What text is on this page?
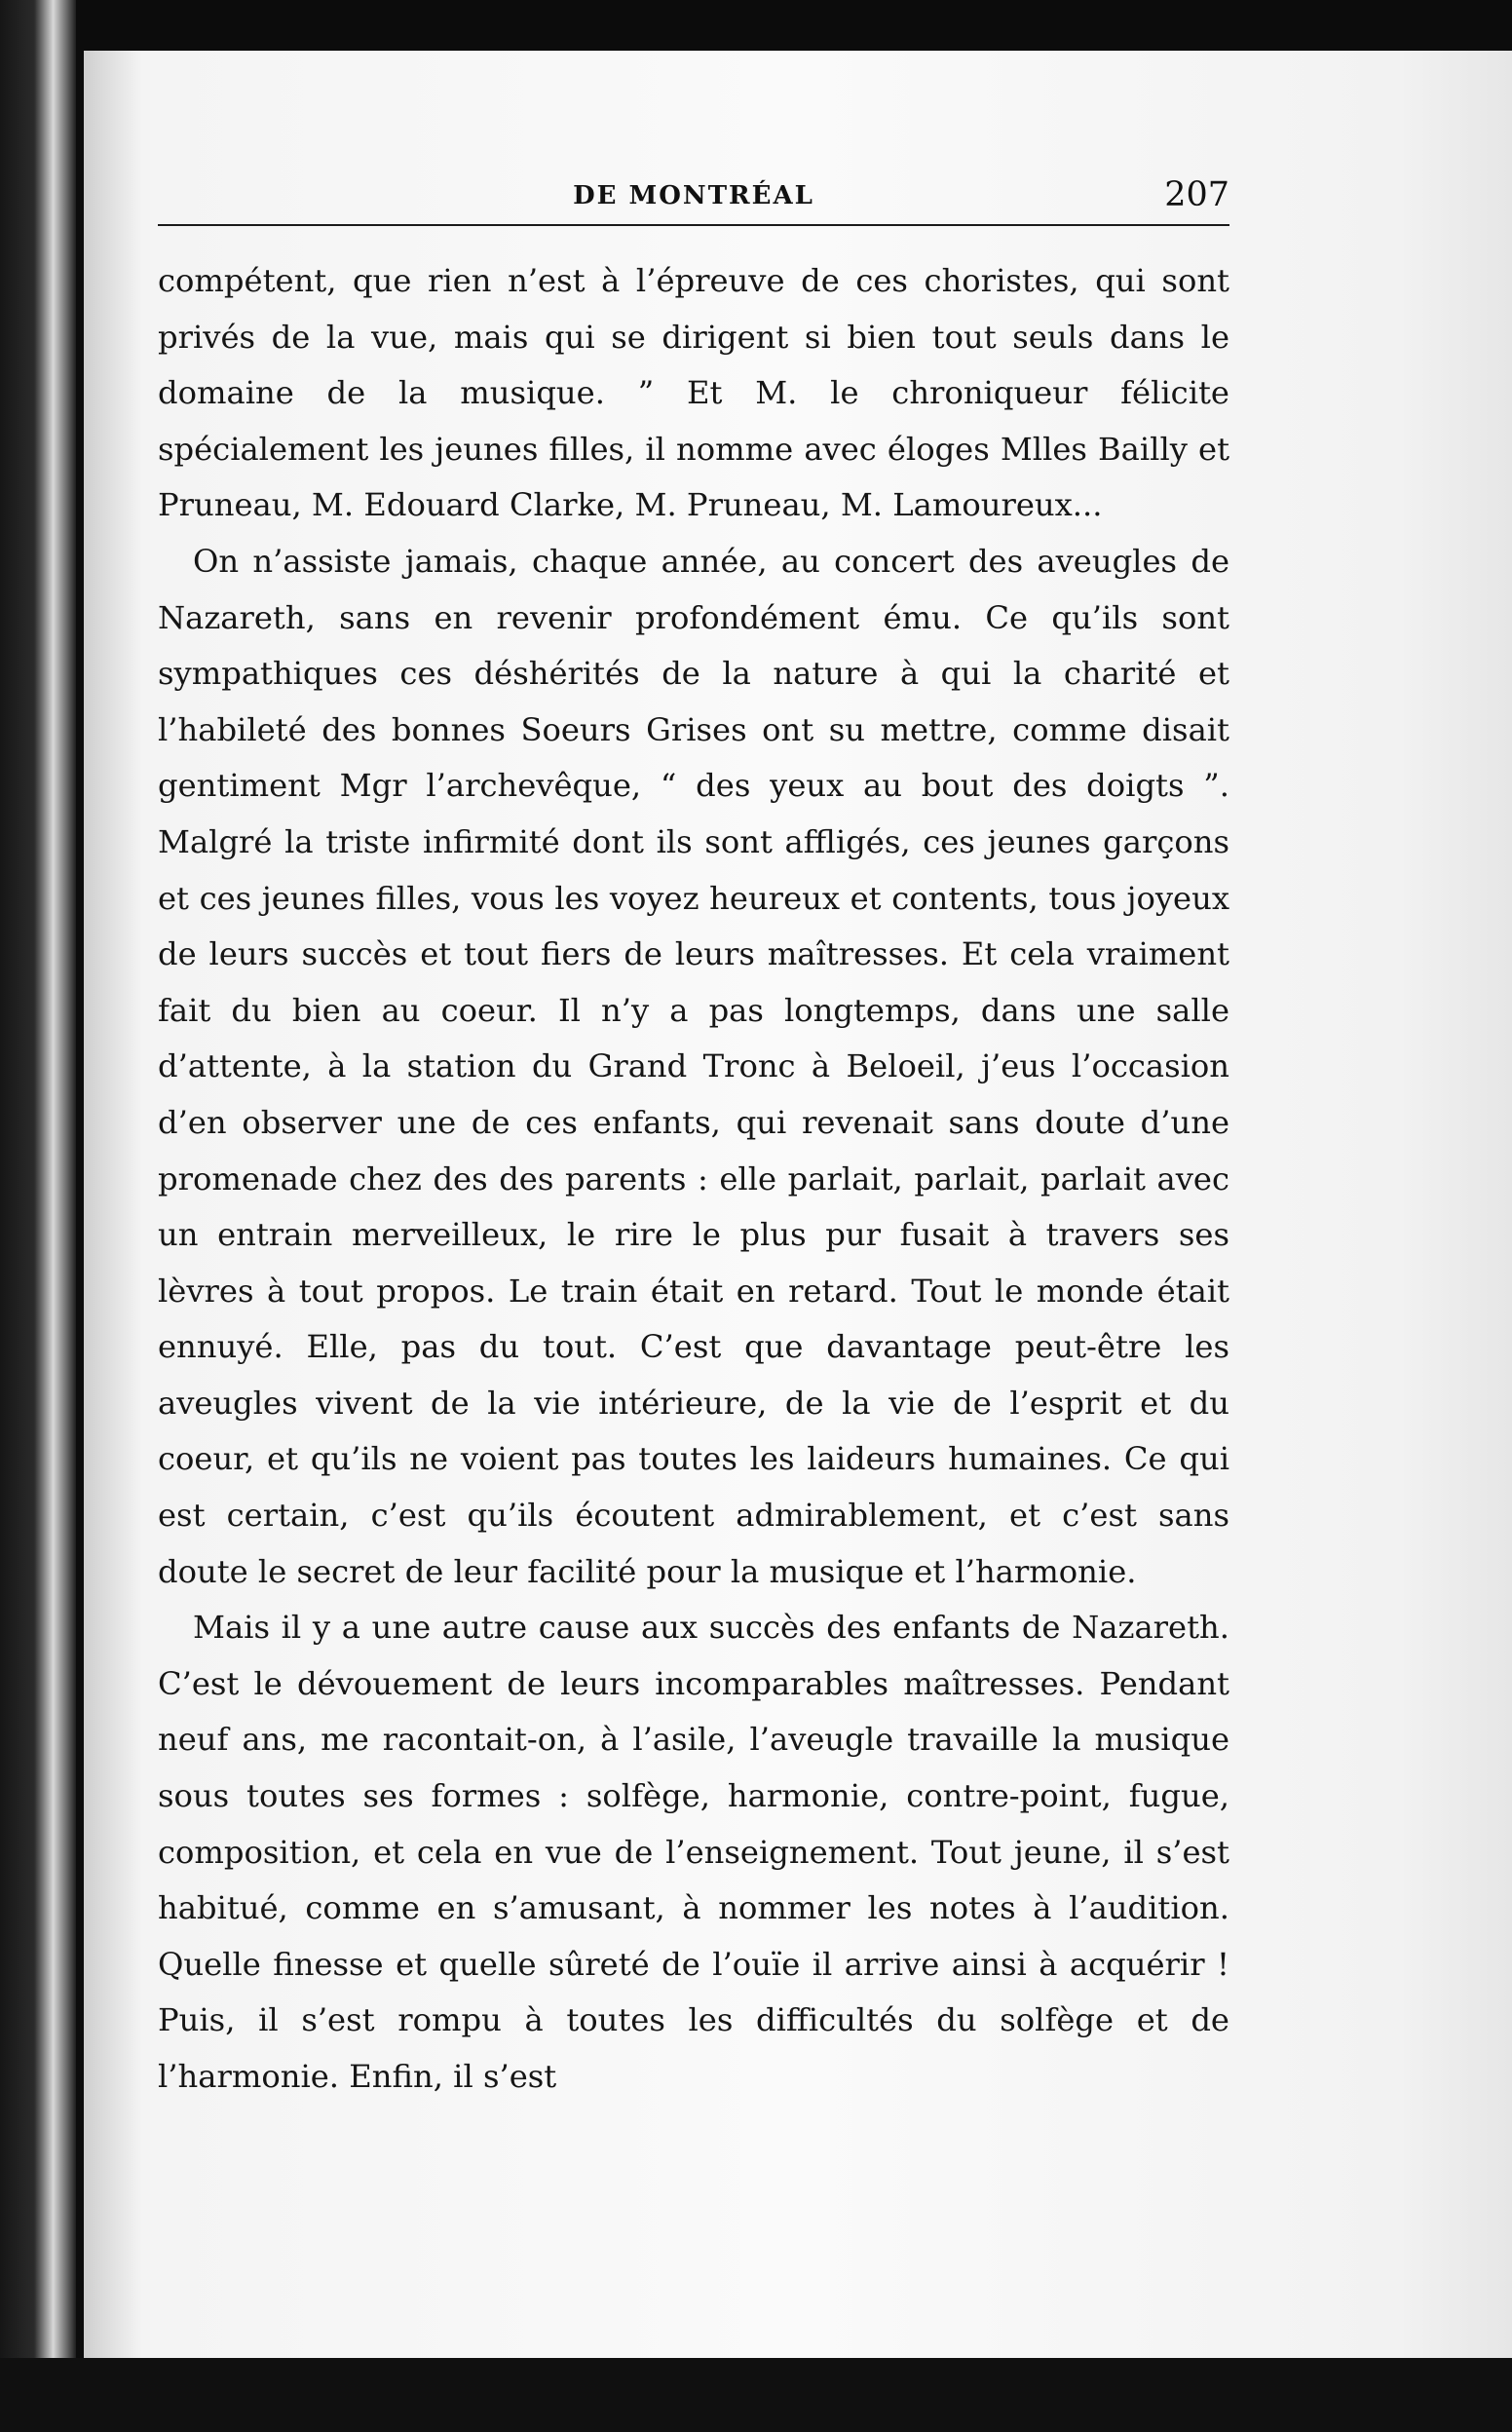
DE MONTRÉAL	207

compétent, que rien n’est à l’épreuve de ces choristes, qui sont privés de la vue, mais qui se dirigent si bien tout seuls dans le domaine de la musique. ” Et M. le chroniqueur félicite spécialement les jeunes filles, il nomme avec éloges Mlles Bailly et Pruneau, M. Edouard Clarke, M. Pruneau, M. Lamoureux...

On n’assiste jamais, chaque année, au concert des aveugles de Nazareth, sans en revenir profondément ému. Ce qu’ils sont sympathiques ces déshérités de la nature à qui la charité et l’habileté des bonnes Soeurs Grises ont su mettre, comme disait gentiment Mgr l’archevêque, “ des yeux au bout des doigts ”. Malgré la triste infirmité dont ils sont affligés, ces jeunes garçons et ces jeunes filles, vous les voyez heureux et contents, tous joyeux de leurs succès et tout fiers de leurs maîtresses. Et cela vraiment fait du bien au coeur. Il n’y a pas longtemps, dans une salle d’attente, à la station du Grand Tronc à Beloeil, j’eus l’occasion d’en observer une de ces enfants, qui revenait sans doute d’une promenade chez des des parents : elle parlait, parlait, parlait avec un entrain merveilleux, le rire le plus pur fusait à travers ses lèvres à tout propos. Le train était en retard. Tout le monde était ennuyé. Elle, pas du tout. C’est que davantage peut-être les aveugles vivent de la vie intérieure, de la vie de l’esprit et du coeur, et qu’ils ne voient pas toutes les laideurs humaines. Ce qui est certain, c’est qu’ils écoutent admirablement, et c’est sans doute le secret de leur facilité pour la musique et l’harmonie.

Mais il y a une autre cause aux succès des enfants de Nazareth. C’est le dévouement de leurs incomparables maîtresses. Pendant neuf ans, me racontait-on, à l’asile, l’aveugle travaille la musique sous toutes ses formes : solfège, harmonie, contre-point, fugue, composition, et cela en vue de l’enseignement. Tout jeune, il s’est habitué, comme en s’amusant, à nommer les notes à l’audition. Quelle finesse et quelle sûreté de l’ouïe il arrive ainsi à acquérir ! Puis, il s’est rompu à toutes les difficultés du solfège et de l’harmonie. Enfin, il s’est
